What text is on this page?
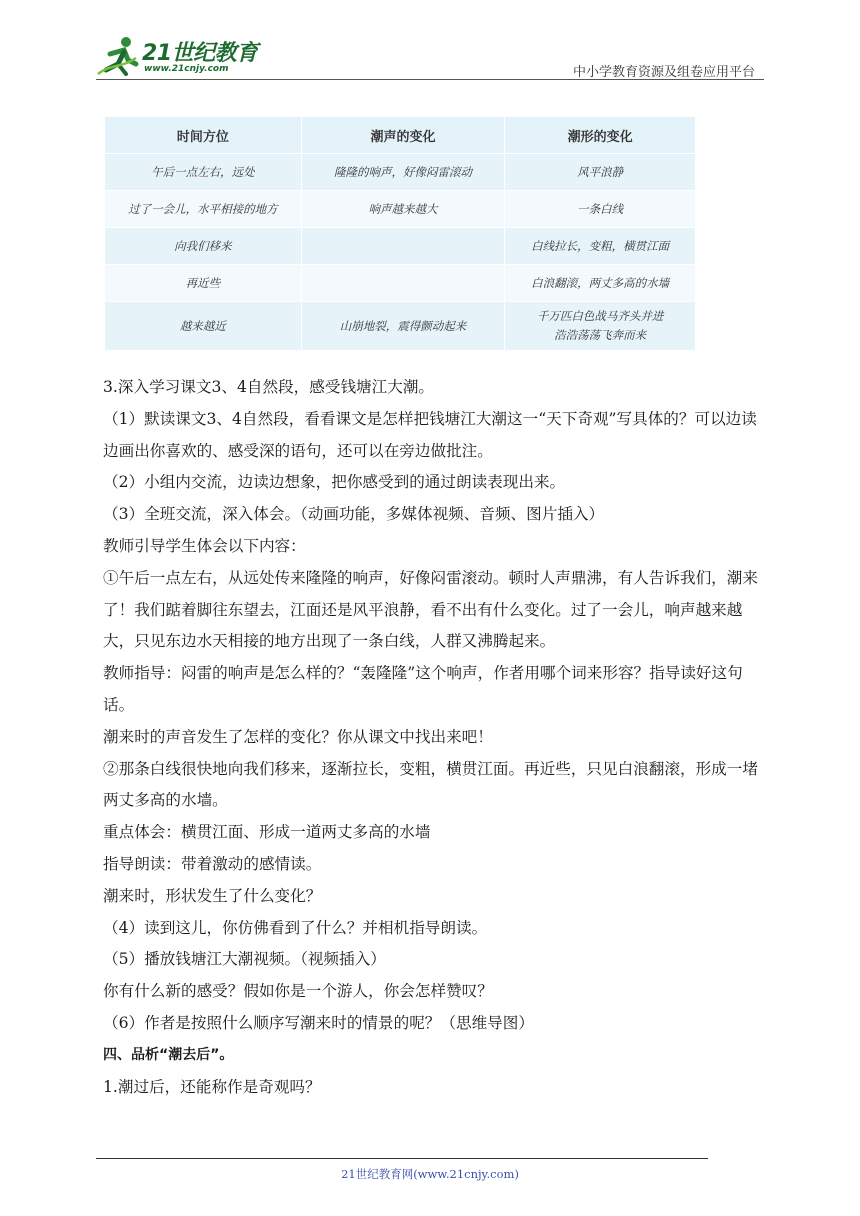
21世纪教育
www.21cnjy.com	中小学教育资源及组卷应用平台
时间方位	潮声的变化	潮形的变化
午后一点左右，远处	隆隆的响声，好像闷雷滚动	风平浪静
过了一会儿，水平相接的地方	响声越来越大	一条白线
向我们移来		白线拉长，变粗，横贯江面
再近些		白浪翻滚，两丈多高的水墙
越来越近	山崩地裂，震得颤动起来	千万匹白色战马齐头并进
浩浩荡荡飞奔而来

3.深入学习课文3、4自然段，感受钱塘江大潮。

（1）默读课文3、4自然段，看看课文是怎样把钱塘江大潮这一“天下奇观”写具体的？可以边读边画出你喜欢的、感受深的语句，还可以在旁边做批注。

（2）小组内交流，边读边想象，把你感受到的通过朗读表现出来。

（3）全班交流，深入体会。（动画功能，多媒体视频、音频、图片插入）

教师引导学生体会以下内容：

①午后一点左右，从远处传来隆隆的响声，好像闷雷滚动。顿时人声鼎沸，有人告诉我们，潮来了！我们踮着脚往东望去，江面还是风平浪静，看不出有什么变化。过了一会儿，响声越来越大，只见东边水天相接的地方出现了一条白线，人群又沸腾起来。

教师指导：闷雷的响声是怎么样的？“轰隆隆”这个响声，作者用哪个词来形容？指导读好这句话。

潮来时的声音发生了怎样的变化？你从课文中找出来吧！

②那条白线很快地向我们移来，逐渐拉长，变粗，横贯江面。再近些，只见白浪翻滚，形成一堵两丈多高的水墙。

重点体会：横贯江面、形成一道两丈多高的水墙

指导朗读：带着激动的感情读。

潮来时，形状发生了什么变化？

（4）读到这儿，你仿佛看到了什么？并相机指导朗读。

（5）播放钱塘江大潮视频。（视频插入）

你有什么新的感受？假如你是一个游人，你会怎样赞叹？

（6）作者是按照什么顺序写潮来时的情景的呢？（思维导图）

四、品析“潮去后”。

1.潮过后，还能称作是奇观吗？

21世纪教育网(www.21cnjy.com)
